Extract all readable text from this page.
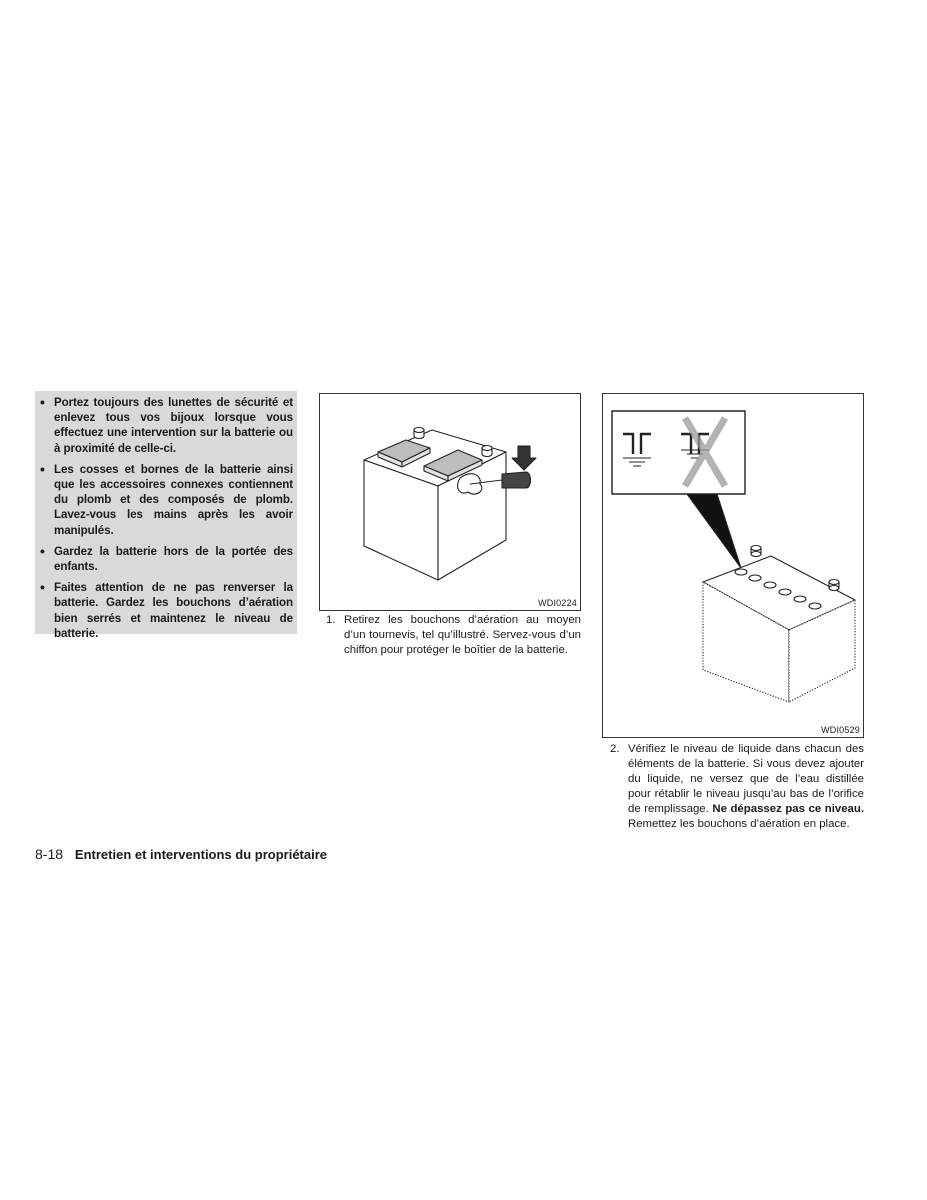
• Portez toujours des lunettes de sécurité et enlevez tous vos bijoux lorsque vous effectuez une intervention sur la batterie ou à proximité de celle-ci.
• Les cosses et bornes de la batterie ainsi que les accessoires connexes contiennent du plomb et des composés de plomb. Lavez-vous les mains après les avoir manipulés.
• Gardez la batterie hors de la portée des enfants.
• Faites attention de ne pas renverser la batterie. Gardez les bouchons d’aération bien serrés et maintenez le niveau de batterie.
WDI0224
1. Retirez les bouchons d’aération au moyen d’un tournevis, tel qu’illustré. Servez-vous d’un chiffon pour protéger le boîtier de la batterie.
WDI0529
2. Vérifiez le niveau de liquide dans chacun des éléments de la batterie. Si vous devez ajouter du liquide, ne versez que de l’eau distillée pour rétablir le niveau jusqu’au bas de l’orifice de remplissage. Ne dépassez pas ce niveau. Remettez les bouchons d’aération en place.
8-18 Entretien et interventions du propriétaire
